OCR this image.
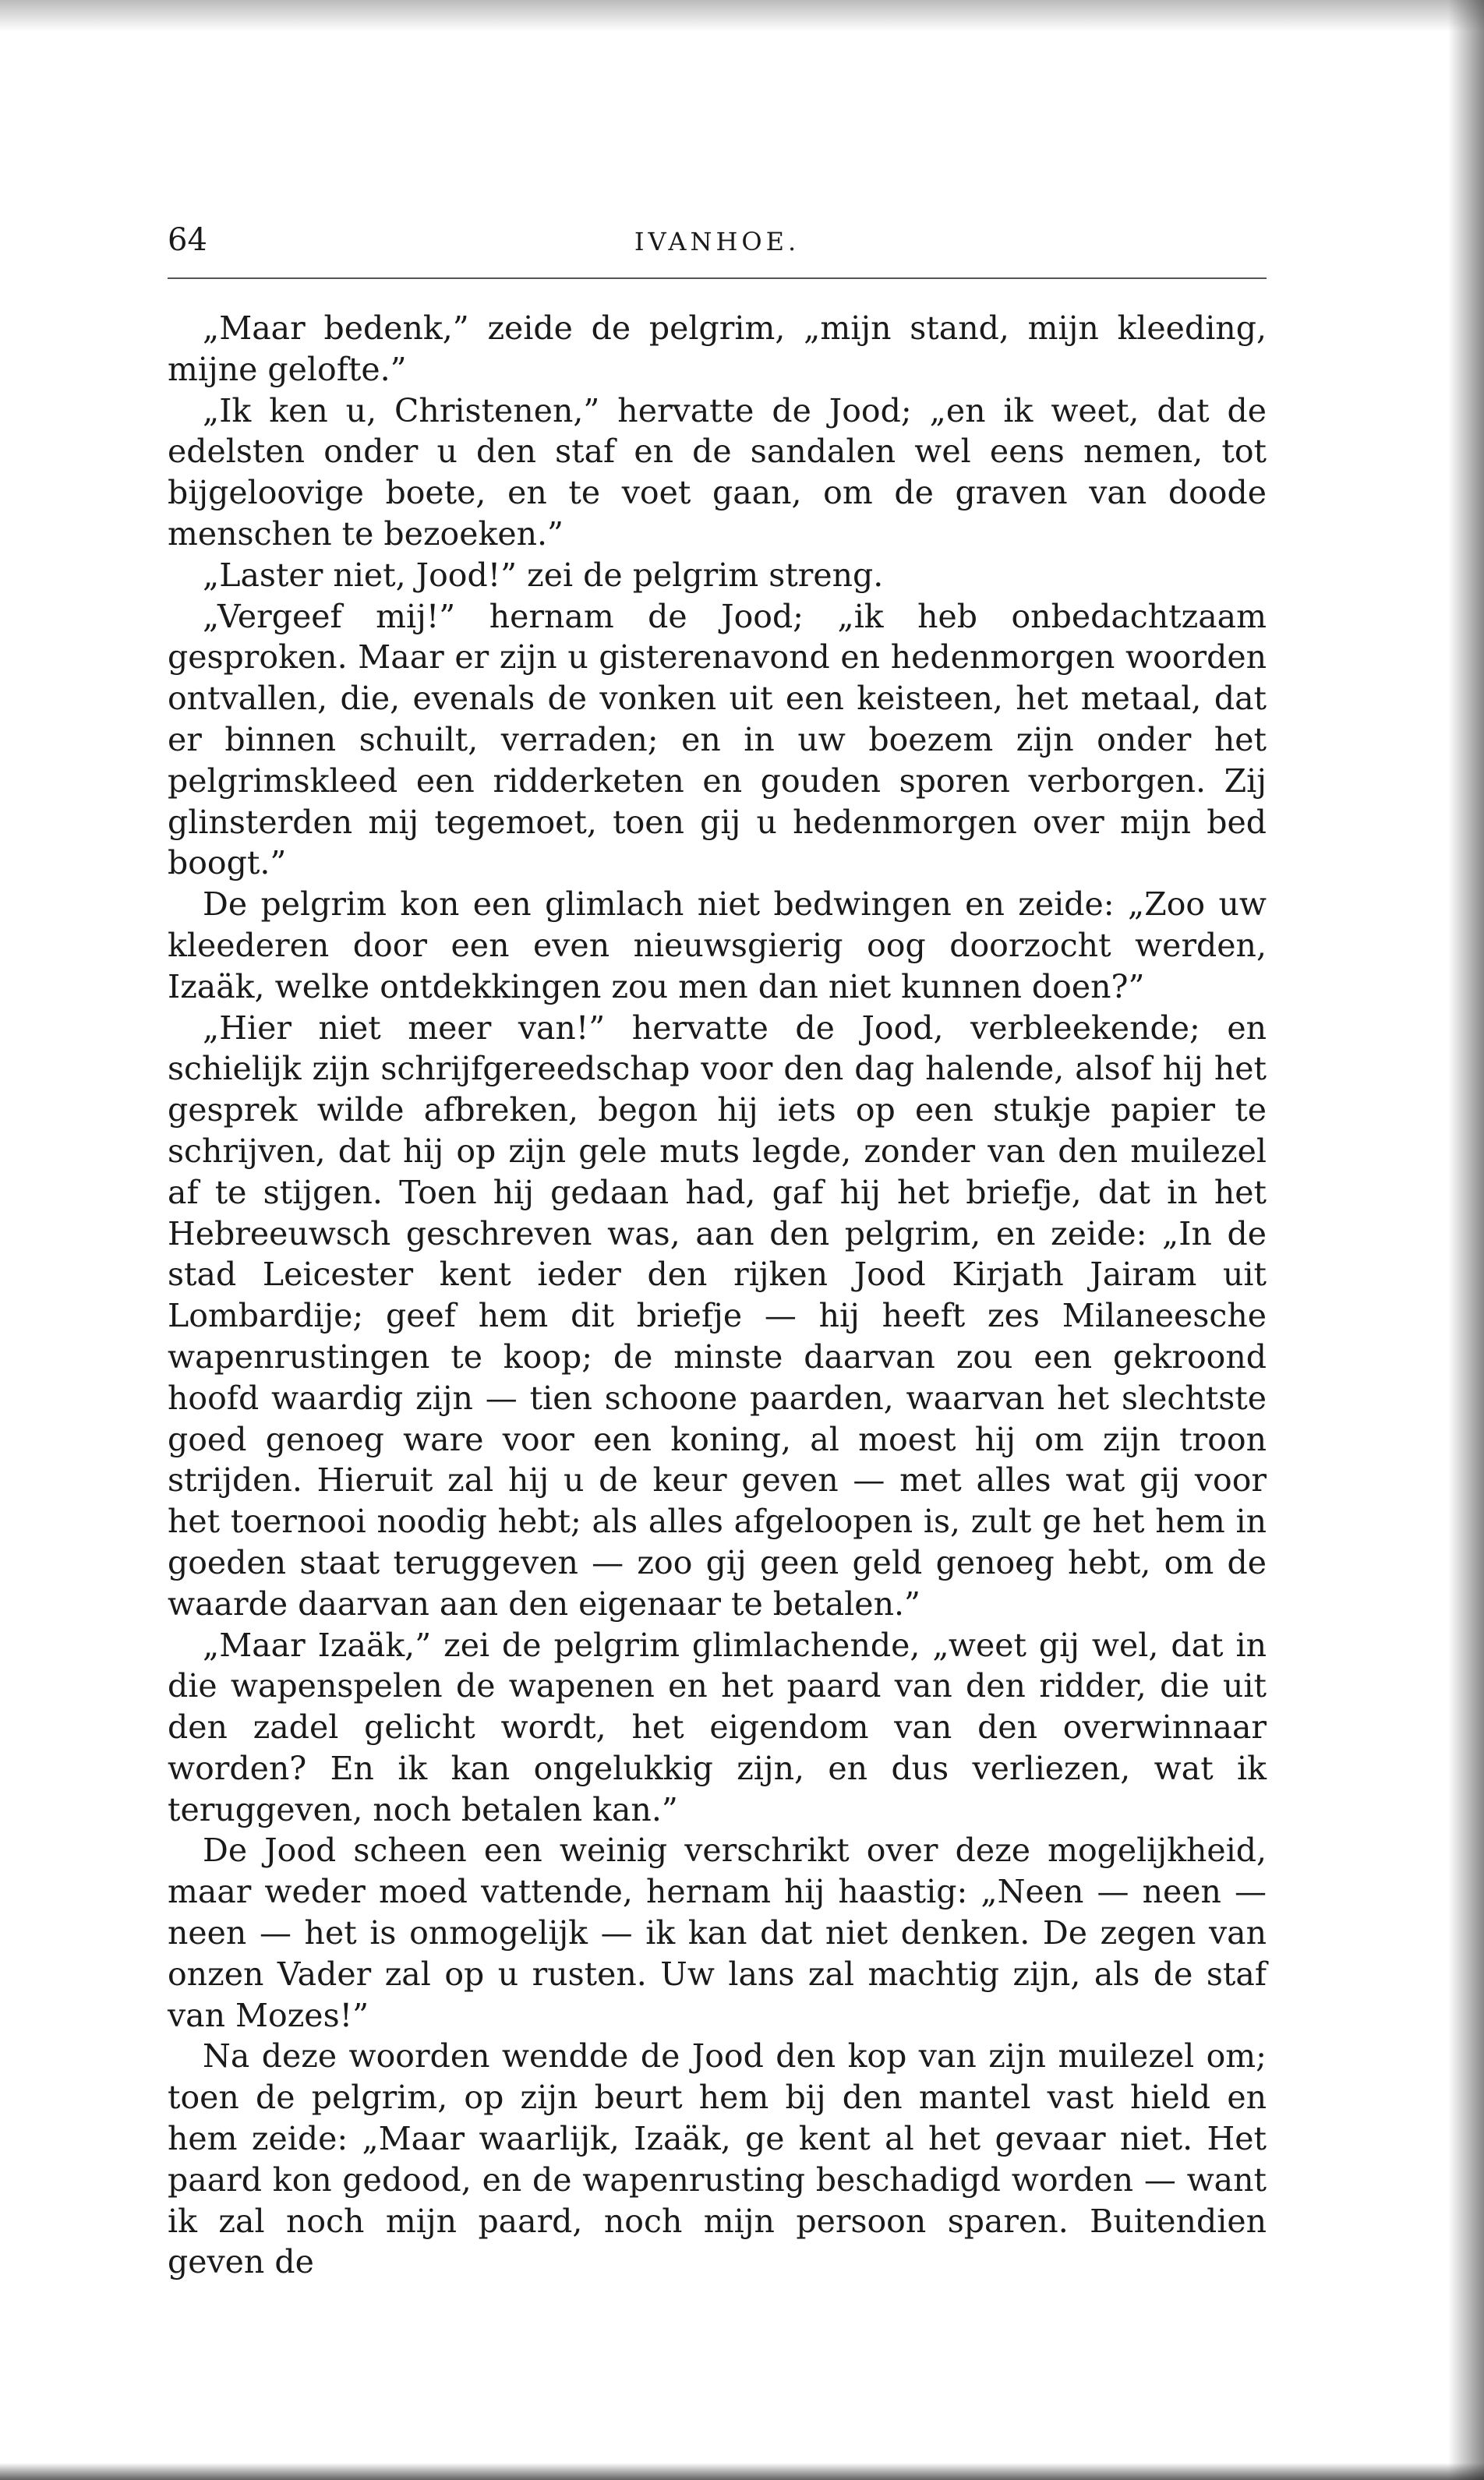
64	IVANHOE.

„Maar bedenk,” zeide de pelgrim, „mijn stand, mijn kleeding, mijne gelofte.”

„Ik ken u, Christenen,” hervatte de Jood; „en ik weet, dat de edelsten onder u den staf en de sandalen wel eens nemen, tot bijgeloovige boete, en te voet gaan, om de graven van doode menschen te bezoeken.”

„Laster niet, Jood!” zei de pelgrim streng.

„Vergeef mij!” hernam de Jood; „ik heb onbedachtzaam gesproken. Maar er zijn u gisterenavond en hedenmorgen woorden ontvallen, die, evenals de vonken uit een keisteen, het metaal, dat er binnen schuilt, verraden; en in uw boezem zijn onder het pelgrimskleed een ridderketen en gouden sporen verborgen. Zij glinsterden mij tegemoet, toen gij u hedenmorgen over mijn bed boogt.”

De pelgrim kon een glimlach niet bedwingen en zeide: „Zoo uw kleederen door een even nieuwsgierig oog doorzocht werden, Izaäk, welke ontdekkingen zou men dan niet kunnen doen?”

„Hier niet meer van!” hervatte de Jood, verbleekende; en schielijk zijn schrijfgereedschap voor den dag halende, alsof hij het gesprek wilde afbreken, begon hij iets op een stukje papier te schrijven, dat hij op zijn gele muts legde, zonder van den muilezel af te stijgen. Toen hij gedaan had, gaf hij het briefje, dat in het Hebreeuwsch geschreven was, aan den pelgrim, en zeide: „In de stad Leicester kent ieder den rijken Jood Kirjath Jairam uit Lombardije; geef hem dit briefje — hij heeft zes Milaneesche wapenrustingen te koop; de minste daarvan zou een gekroond hoofd waardig zijn — tien schoone paarden, waarvan het slechtste goed genoeg ware voor een koning, al moest hij om zijn troon strijden. Hieruit zal hij u de keur geven — met alles wat gij voor het toernooi noodig hebt; als alles afgeloopen is, zult ge het hem in goeden staat teruggeven — zoo gij geen geld genoeg hebt, om de waarde daarvan aan den eigenaar te betalen.”

„Maar Izaäk,” zei de pelgrim glimlachende, „weet gij wel, dat in die wapenspelen de wapenen en het paard van den ridder, die uit den zadel gelicht wordt, het eigendom van den overwinnaar worden? En ik kan ongelukkig zijn, en dus verliezen, wat ik teruggeven, noch betalen kan.”

De Jood scheen een weinig verschrikt over deze mogelijkheid, maar weder moed vattende, hernam hij haastig: „Neen — neen — neen — het is onmogelijk — ik kan dat niet denken. De zegen van onzen Vader zal op u rusten. Uw lans zal machtig zijn, als de staf van Mozes!”

Na deze woorden wendde de Jood den kop van zijn muilezel om; toen de pelgrim, op zijn beurt hem bij den mantel vast hield en hem zeide: „Maar waarlijk, Izaäk, ge kent al het gevaar niet. Het paard kon gedood, en de wapenrusting beschadigd worden — want ik zal noch mijn paard, noch mijn persoon sparen. Buitendien geven de
